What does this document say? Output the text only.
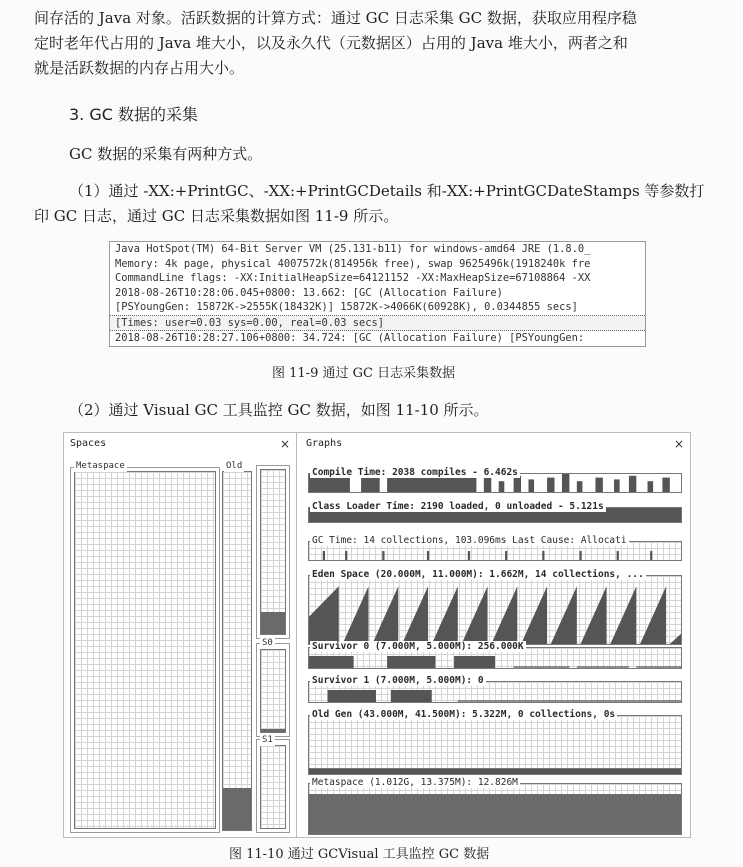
间存活的 Java 对象。活跃数据的计算方式：通过 GC 日志采集 GC 数据，获取应用程序稳
定时老年代占用的 Java 堆大小，以及永久代（元数据区）占用的 Java 堆大小，两者之和
就是活跃数据的内存占用大小。
3. GC 数据的采集
GC 数据的采集有两种方式。
（1）通过 -XX:+PrintGC、-XX:+PrintGCDetails 和-XX:+PrintGCDateStamps 等参数打
印 GC 日志，通过 GC 日志采集数据如图 11-9 所示。
Java HotSpot(TM) 64-Bit Server VM (25.131-b11) for windows-amd64 JRE (1.8.0_
Memory: 4k page, physical 4007572k(814956k free), swap 9625496k(1918240k fre
CommandLine flags: -XX:InitialHeapSize=64121152 -XX:MaxHeapSize=67108864 -XX
2018-08-26T10:28:06.045+0800: 13.662: [GC (Allocation Failure)
[PSYoungGen: 15872K->2555K(18432K)] 15872K->4066K(60928K), 0.0344855 secs]
[Times: user=0.03 sys=0.00, real=0.03 secs]
2018-08-26T10:28:27.106+0800: 34.724: [GC (Allocation Failure) [PSYoungGen:
图 11-9 通过 GC 日志采集数据
（2）通过 Visual GC 工具监控 GC 数据，如图 11-10 所示。
Spaces	×
Metaspace	Old
S0
S1
Graphs	×
Compile Time: 2038 compiles - 6.462s
Class Loader Time: 2190 loaded, 0 unloaded - 5.121s
GC Time: 14 collections, 103.096ms Last Cause: Allocati
Eden Space (20.000M, 11.000M): 1.662M, 14 collections, ...
Survivor 0 (7.000M, 5.000M): 256.000K
Survivor 1 (7.000M, 5.000M): 0
Old Gen (43.000M, 41.500M): 5.322M, 0 collections, 0s
Metaspace (1.012G, 13.375M): 12.826M
图 11-10 通过 GCVisual 工具监控 GC 数据
